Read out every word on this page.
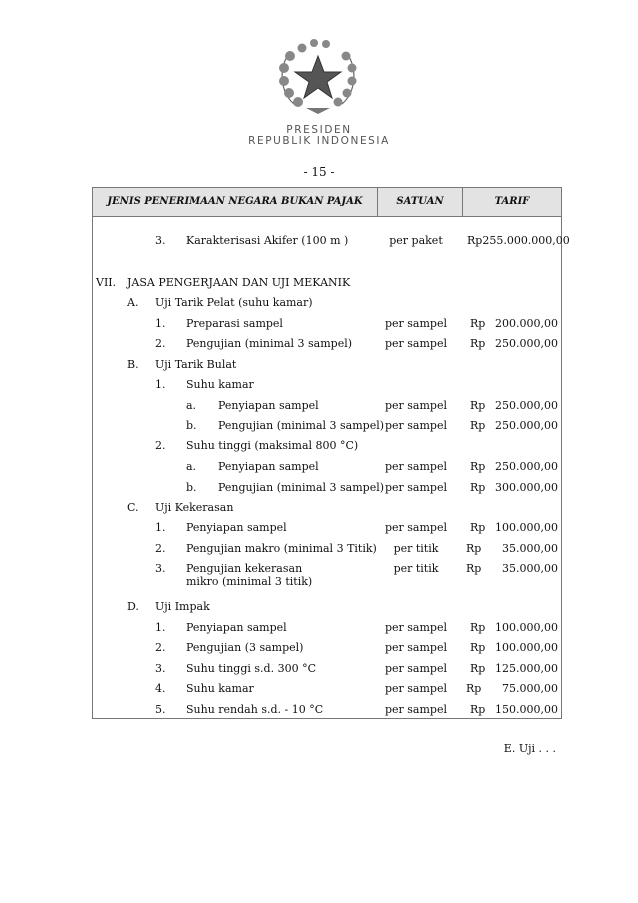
PRESIDEN
REPUBLIK INDONESIA
- 15 -
JENIS PENERIMAAN NEGARA BUKAN PAJAK	SATUAN	TARIF
3. Karakterisasi Akifer (100 m )	per paket	Rp255.000.000,00
VII. JASA PENGERJAAN DAN UJI MEKANIK
A. Uji Tarik Pelat (suhu kamar)
1. Preparasi sampel	per sampel	Rp 200.000,00
2. Pengujian (minimal 3 sampel)	per sampel	Rp 250.000,00
B. Uji Tarik Bulat
1. Suhu kamar
a. Penyiapan sampel	per sampel	Rp 250.000,00
b. Pengujian (minimal 3 sampel) per sampel	Rp 250.000,00
2. Suhu tinggi (maksimal 800 °C)
a. Penyiapan sampel	per sampel	Rp 250.000,00
b. Pengujian (minimal 3 sampel) per sampel	Rp 300.000,00
C. Uji Kekerasan
1. Penyiapan sampel	per sampel	Rp 100.000,00
2. Pengujian makro (minimal 3 Titik)	per titik	Rp	35.000,00
3. Pengujian kekerasan mikro (minimal 3 titik)
per titik	Rp	35.000,00
D. Uji Impak
1. Penyiapan sampel	per sampel	Rp 100.000,00
2. Pengujian (3 sampel)	per sampel	Rp 100.000,00
3. Suhu tinggi s.d. 300 °C	per sampel	Rp 125.000,00
4. Suhu kamar	per sampel	Rp	75.000,00
5. Suhu rendah s.d. - 10 °C	per sampel	Rp 150.000,00
E. Uji . . .
